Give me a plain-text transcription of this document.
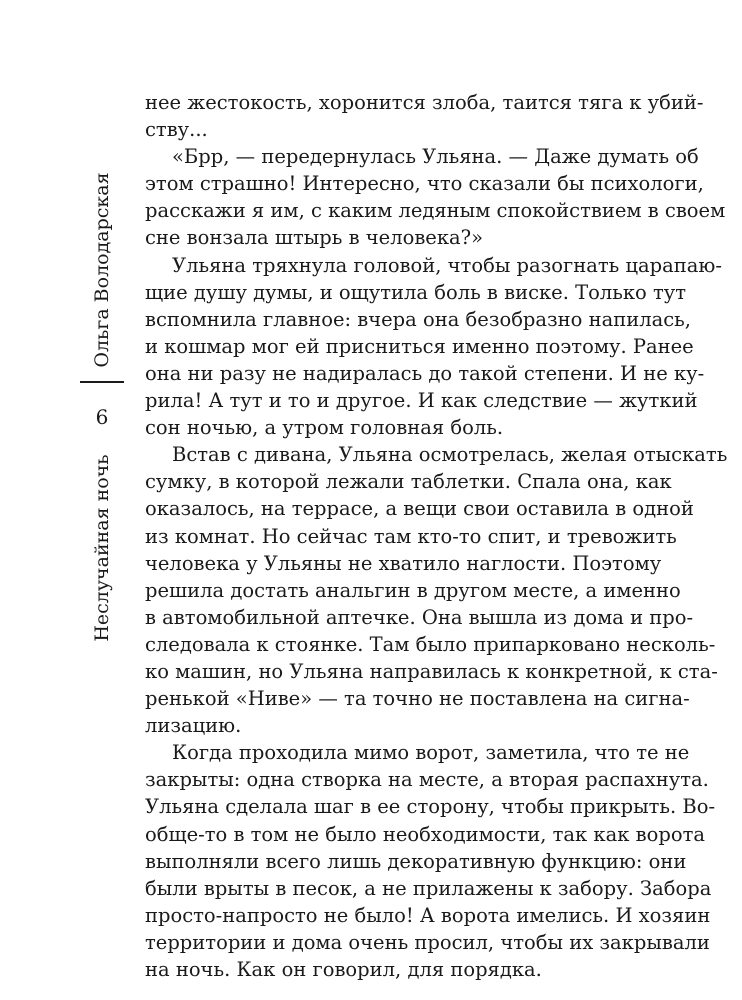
Ольга Володарская
6
Неслучайная ночь
нее жестокость, хоронится злоба, таится тяга к убий-
ству...
«Брр, — передернулась Ульяна. — Даже думать об
этом страшно! Интересно, что сказали бы психологи,
расскажи я им, с каким ледяным спокойствием в своем
сне вонзала штырь в человека?»
Ульяна тряхнула головой, чтобы разогнать царапаю-
щие душу думы, и ощутила боль в виске. Только тут
вспомнила главное: вчера она безобразно напилась,
и кошмар мог ей присниться именно поэтому. Ранее
она ни разу не надиралась до такой степени. И не ку-
рила! А тут и то и другое. И как следствие — жуткий
сон ночью, а утром головная боль.
Встав с дивана, Ульяна осмотрелась, желая отыскать
сумку, в которой лежали таблетки. Спала она, как
оказалось, на террасе, а вещи свои оставила в одной
из комнат. Но сейчас там кто-то спит, и тревожить
человека у Ульяны не хватило наглости. Поэтому
решила достать анальгин в другом месте, а именно
в автомобильной аптечке. Она вышла из дома и про-
следовала к стоянке. Там было припарковано несколь-
ко машин, но Ульяна направилась к конкретной, к ста-
ренькой «Ниве» — та точно не поставлена на сигна-
лизацию.
Когда проходила мимо ворот, заметила, что те не
закрыты: одна створка на месте, а вторая распахнута.
Ульяна сделала шаг в ее сторону, чтобы прикрыть. Во-
обще-то в том не было необходимости, так как ворота
выполняли всего лишь декоративную функцию: они
были врыты в песок, а не прилажены к забору. Забора
просто-напросто не было! А ворота имелись. И хозяин
территории и дома очень просил, чтобы их закрывали
на ночь. Как он говорил, для порядка.
